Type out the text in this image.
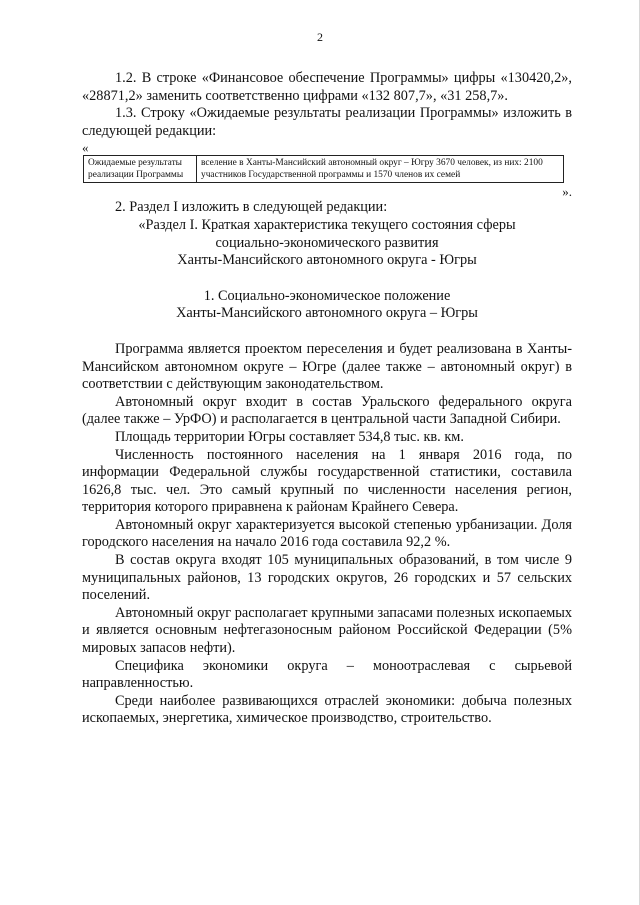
2

1.2. В строке «Финансовое обеспечение Программы» цифры «130420,2», «28871,2» заменить соответственно цифрами «132 807,7», «31 258,7».

1.3. Строку «Ожидаемые результаты реализации Программы» изложить в следующей редакции:

«
Ожидаемые результаты реализации Программы	вселение в Ханты-Мансийский автономный округ – Югру 3670 человек, из них: 2100 участников Государственной программы и 1570 членов их семей
».

2. Раздел I изложить в следующей редакции:

«Раздел I. Краткая характеристика текущего состояния сферы

социально-экономического развития

Ханты-Мансийского автономного округа - Югры

1. Социально-экономическое положение

Ханты-Мансийского автономного округа – Югры

Программа является проектом переселения и будет реализована в Ханты-Мансийском автономном округе – Югре (далее также – автономный округ) в соответствии с действующим законодательством.

Автономный округ входит в состав Уральского федерального округа (далее также – УрФО) и располагается в центральной части Западной Сибири.

Площадь территории Югры составляет 534,8 тыс. кв. км.

Численность постоянного населения на 1 января 2016 года, по информации Федеральной службы государственной статистики, составила 1626,8 тыс. чел. Это самый крупный по численности населения регион, территория которого приравнена к районам Крайнего Севера.

Автономный округ характеризуется высокой степенью урбанизации. Доля городского населения на начало 2016 года составила 92,2 %.

В состав округа входят 105 муниципальных образований, в том числе 9 муниципальных районов, 13 городских округов, 26 городских и 57 сельских поселений.

Автономный округ располагает крупными запасами полезных ископаемых и является основным нефтегазоносным районом Российской Федерации (5% мировых запасов нефти).

Специфика экономики округа – моноотраслевая с сырьевой направленностью.

Среди наиболее развивающихся отраслей экономики: добыча полезных ископаемых, энергетика, химическое производство, строительство.
